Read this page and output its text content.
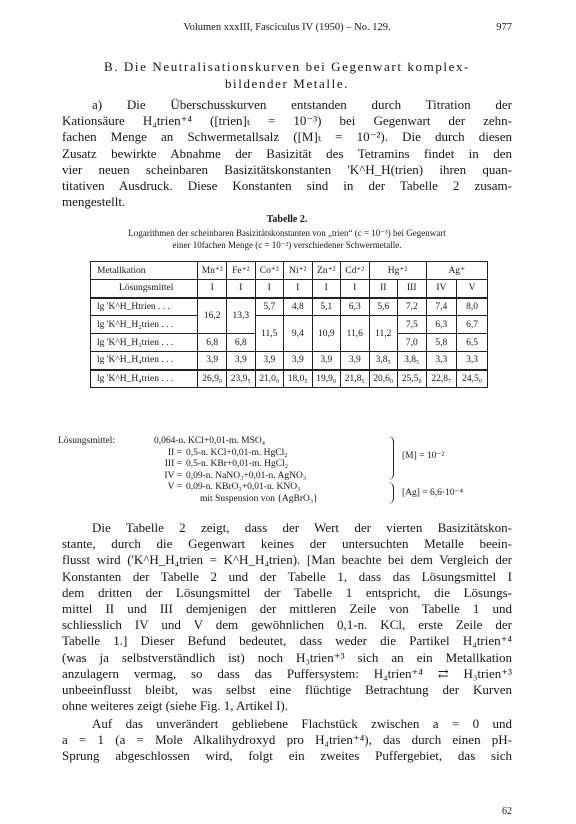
Volumen xxxIII, Fasciculus IV (1950) – No. 129.	977
B. Die Neutralisationskurven bei Gegenwart komplex-
bildender Metalle.
a) Die Überschusskurven entstanden durch Titration der
Kationsäure H₄trien⁺⁴ ([trien]ₜ = 10⁻³) bei Gegenwart der zehn-
fachen Menge an Schwermetallsalz ([M]ₜ = 10⁻²). Die durch diesen
Zusatz bewirkte Abnahme der Basizität des Tetramins findet in den
vier neuen scheinbaren Basizitätskonstanten 'K^H_H(trien) ihren quan-
titativen Ausdruck. Diese Konstanten sind in der Tabelle 2 zusam-
mengestellt.
Tabelle 2.
Logarithmen der scheinbaren Basizitätskonstanten von „trien“ (c = 10⁻³) bei Gegenwart
einer 10fachen Menge (c = 10⁻²) verschiedener Schwermetalle.
Metallkation	Mn⁺²	Fe⁺²	Co⁺²	Ni⁺²	Zn⁺²	Cd⁺²	Hg⁺²		Ag⁺	
Lösungsmittel	I	I	I	I	I	I	II	III	IV	V
lg 'K^H_Htrien . . .	16,2	13,3	5,7	4,8	5,1	6,3	5,6	7,2	7,4	8,0
lg 'K^H_H₂trien . . .			11,5	9,4	10,9	11,6	11,2	7,5	6,3	6,7
lg 'K^H_H₃trien . . .	6,8	6,8						7,0	5,8	6,5
lg 'K^H_H₄trien . . .	3,9	3,9	3,9	3,9	3,9	3,9	3,8₅	3,8₅	3,3	3,3
lg 'K^H_H₄trien . . .	26,9₀	23,9₅	21,0₀	18,0₅	19,9₀	21,8₅	20,6₀	25,5₀	22,8₇	24,5₀
Lösungsmittel:	0,064-n. KCl+0,01-m. MSO₄
II = 0,5-n. KCl+0,01-m. HgCl₂
III = 0,5-n. KBr+0,01-m. HgCl₂
IV = 0,09-n. NaNO₃+0,01-n. AgNO₃
V = 0,09-n. KBrO₃+0,01-n. KNO₃
mit Suspension von {AgBrO₃}
[M] = 10⁻²
[Ag] = 6,6·10⁻⁴
Die Tabelle 2 zeigt, dass der Wert der vierten Basizitätskon-
stante, durch die Gegenwart keines der untersuchten Metalle beein-
flusst wird ('K^H_H₄trien = K^H_H₄trien). [Man beachte bei dem Vergleich der
Konstanten der Tabelle 2 und der Tabelle 1, dass das Lösungsmittel I
dem dritten der Lösungsmittel der Tabelle 1 entspricht, die Lösungs-
mittel II und III demjenigen der mittleren Zeile von Tabelle 1 und
schliesslich IV und V dem gewöhnlichen 0,1-n. KCl, erste Zeile der
Tabelle 1.] Dieser Befund bedeutet, dass weder die Partikel H₄trien⁺⁴
(was ja selbstverständlich ist) noch H₃trien⁺³ sich an ein Metallkation
anzulagern vermag, so dass das Puffersystem: H₄trien⁺⁴ ⇄ H₃trien⁺³
unbeeinflusst bleibt, was selbst eine flüchtige Betrachtung der Kurven
ohne weiteres zeigt (siehe Fig. 1, Artikel I).
Auf das unverändert gebliebene Flachstück zwischen a = 0 und
a = 1 (a = Mole Alkalihydroxyd pro H₄trien⁺⁴), das durch einen pH-
Sprung abgeschlossen wird, folgt ein zweites Puffergebiet, das sich
62
